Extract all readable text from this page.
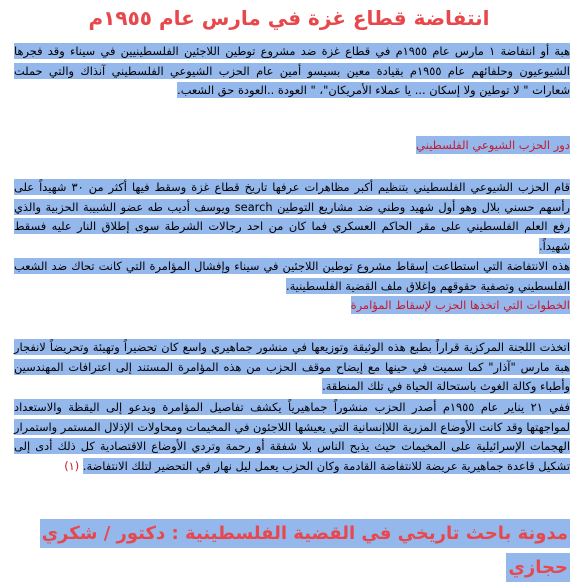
انتفاضة قطاع غزة في مارس عام ١٩٥٥م
هبة أو انتفاضة ١ مارس عام ١٩٥٥م في قطاع غزة ضد مشروع توطين اللاجئين الفلسطينيين في سيناء وقد فجرها الشيوعيون وحلفائهم عام ١٩٥٥م بقيادة معين بسيسو أمين عام الحزب الشيوعي الفلسطيني آنذاك والتي حملت شعارات " لا توطين ولا إسكان ... يا عملاء الأمريكان"، " العودة ..العودة حق الشعب.
دور الحزب الشيوعي الفلسطيني
قام الحزب الشيوعي الفلسطيني بتنظيم أكبر مظاهرات عرفها تاريخ قطاع غزة وسقط فيها أكثر من ٣٠ شهيداً على رأسهم حسني بلال وهو أول شهيد وطني ضد مشاريع التوطين search ويوسف أديب طه عضو الشبيبة الحزبية والذي رفع العلم الفلسطيني على مقر الحاكم العسكري فما كان من احد رجالات الشرطة سوى إطلاق النار عليه فسقط شهيداً.
هذه الانتفاضة التي استطاعت إسقاط مشروع توطين اللاجئين في سيناء وإفشال المؤامرة التي كانت تحاك ضد الشعب الفلسطيني وتصفية حقوقهم وإغلاق ملف القضية الفلسطينية.
الخطوات التي اتخذها الحزب لإسقاط المؤامرة
اتخذت اللجنة المركزية قراراً بطبع هذه الوثيقة وتوزيعها في منشور جماهيري واسع كان تحضيراً وتهيئة وتحريضاً لانفجار هبة مارس "آذار" كما سميت في حينها مع إيضاح موقف الحزب من هذه المؤامرة المستند إلى اعترافات المهندسين وأطباء وكالة الغوث باستحالة الحياة في تلك المنطقة.
ففي ٢١ يناير عام ١٩٥٥م أصدر الحزب منشوراً جماهيرياً يكشف تفاصيل المؤامرة ويدعو إلى اليقظة والاستعداد لمواجهتها وقد كانت الأوضاع المزرية اللاإنسانية التي يعيشها اللاجئون في المخيمات ومحاولات الإذلال المستمر واستمرار الهجمات الإسرائيلية على المخيمات حيث يذبح الناس بلا شفقة أو رحمة وتردي الأوضاع الاقتصادية كل ذلك أدى إلى تشكيل قاعدة جماهيرية عريضة للانتفاضة القادمة وكان الحزب يعمل ليل نهار في التحضير لتلك الانتفاضة. (١)
مدونة باحث تاريخي في القضية الفلسطينية : دكتور / شكري حجازي
